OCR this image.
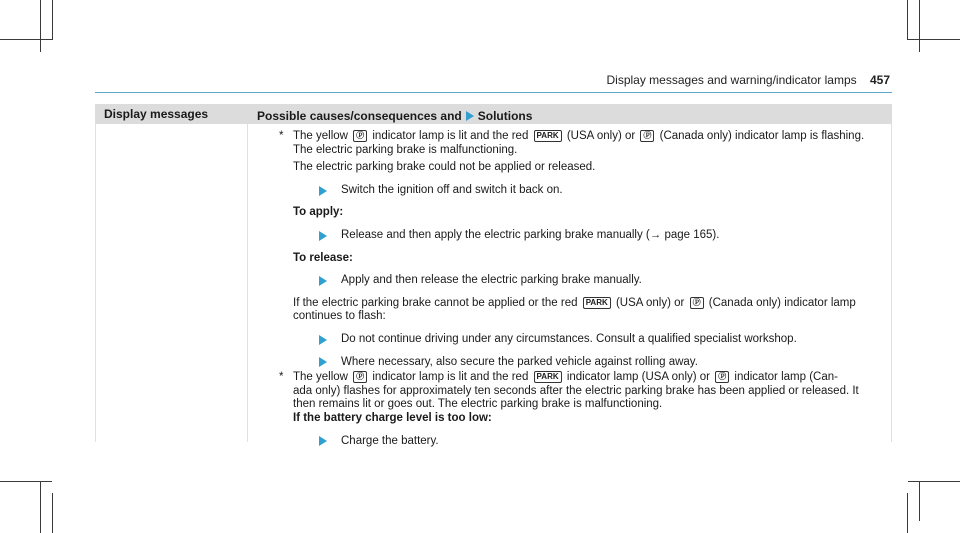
Display messages and warning/indicator lamps 457
Display messages	Possible causes/consequences and Solutions
* The yellow Ⓟ indicator lamp is lit and the red PARK (USA only) or Ⓟ (Canada only) indicator lamp is flashing.

The electric parking brake is malfunctioning.

The electric parking brake could not be applied or released.

Switch the ignition off and switch it back on.

To apply:

Release and then apply the electric parking brake manually (→ page 165).

To release:

Apply and then release the electric parking brake manually.

If the electric parking brake cannot be applied or the red PARK (USA only) or Ⓟ (Canada only) indicator lamp
continues to flash:

Do not continue driving under any circumstances. Consult a qualified specialist workshop.
Where necessary, also secure the parked vehicle against rolling away.
* The yellow Ⓟ indicator lamp is lit and the red PARK indicator lamp (USA only) or Ⓟ indicator lamp (Can-

ada only) flashes for approximately ten seconds after the electric parking brake has been applied or released. It

then remains lit or goes out. The electric parking brake is malfunctioning.

If the battery charge level is too low:

Charge the battery.
